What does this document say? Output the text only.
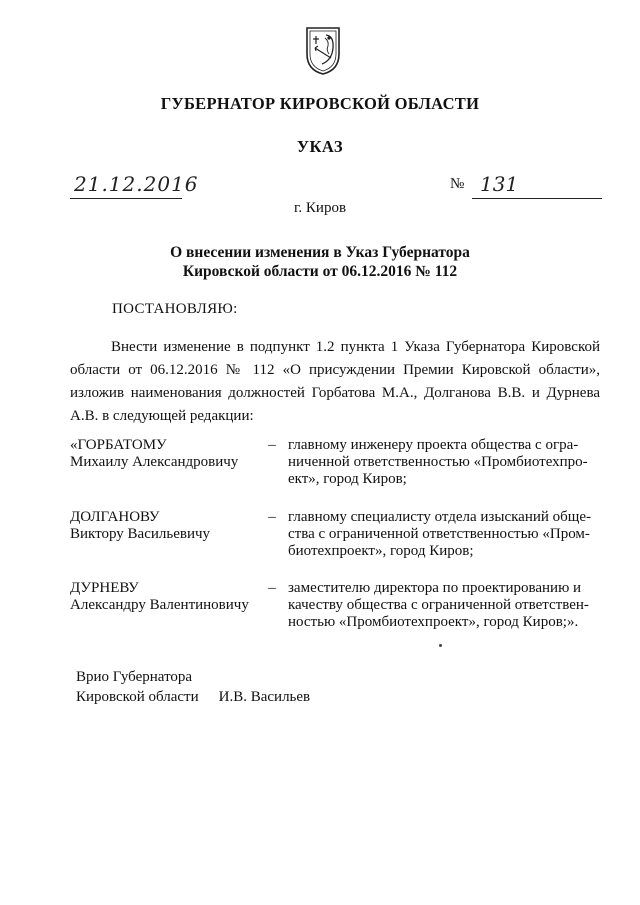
ГУБЕРНАТОР КИРОВСКОЙ ОБЛАСТИ
УКАЗ
21.12.2016	№ 131
г. Киров
О внесении изменения в Указ Губернатора
Кировской области от 06.12.2016 № 112
ПОСТАНОВЛЯЮ:

Внести изменение в подпункт 1.2 пункта 1 Указа Губернатора Кировской области от 06.12.2016 № 112 «О присуждении Премии Кировской области», изложив наименования должностей Горбатова М.А., Долганова В.В. и Дурнева А.В. в следующей редакции:

«ГОРБАТОМУ
Михаилу Александровичу
– главному инженеру проекта общества с огра-
ниченной ответственностью «Промбиотехпро-
ект», город Киров;
ДОЛГАНОВУ
Виктору Васильевичу
– главному специалисту отдела изысканий обще-
ства с ограниченной ответственностью «Пром-
биотехпроект», город Киров;
ДУРНЕВУ
Александру Валентиновичу
– заместителю директора по проектированию и
качеству общества с ограниченной ответствен-
ностью «Промбиотехпроект», город Киров;».
Врио Губернатора
Кировской области И.В. Васильев
